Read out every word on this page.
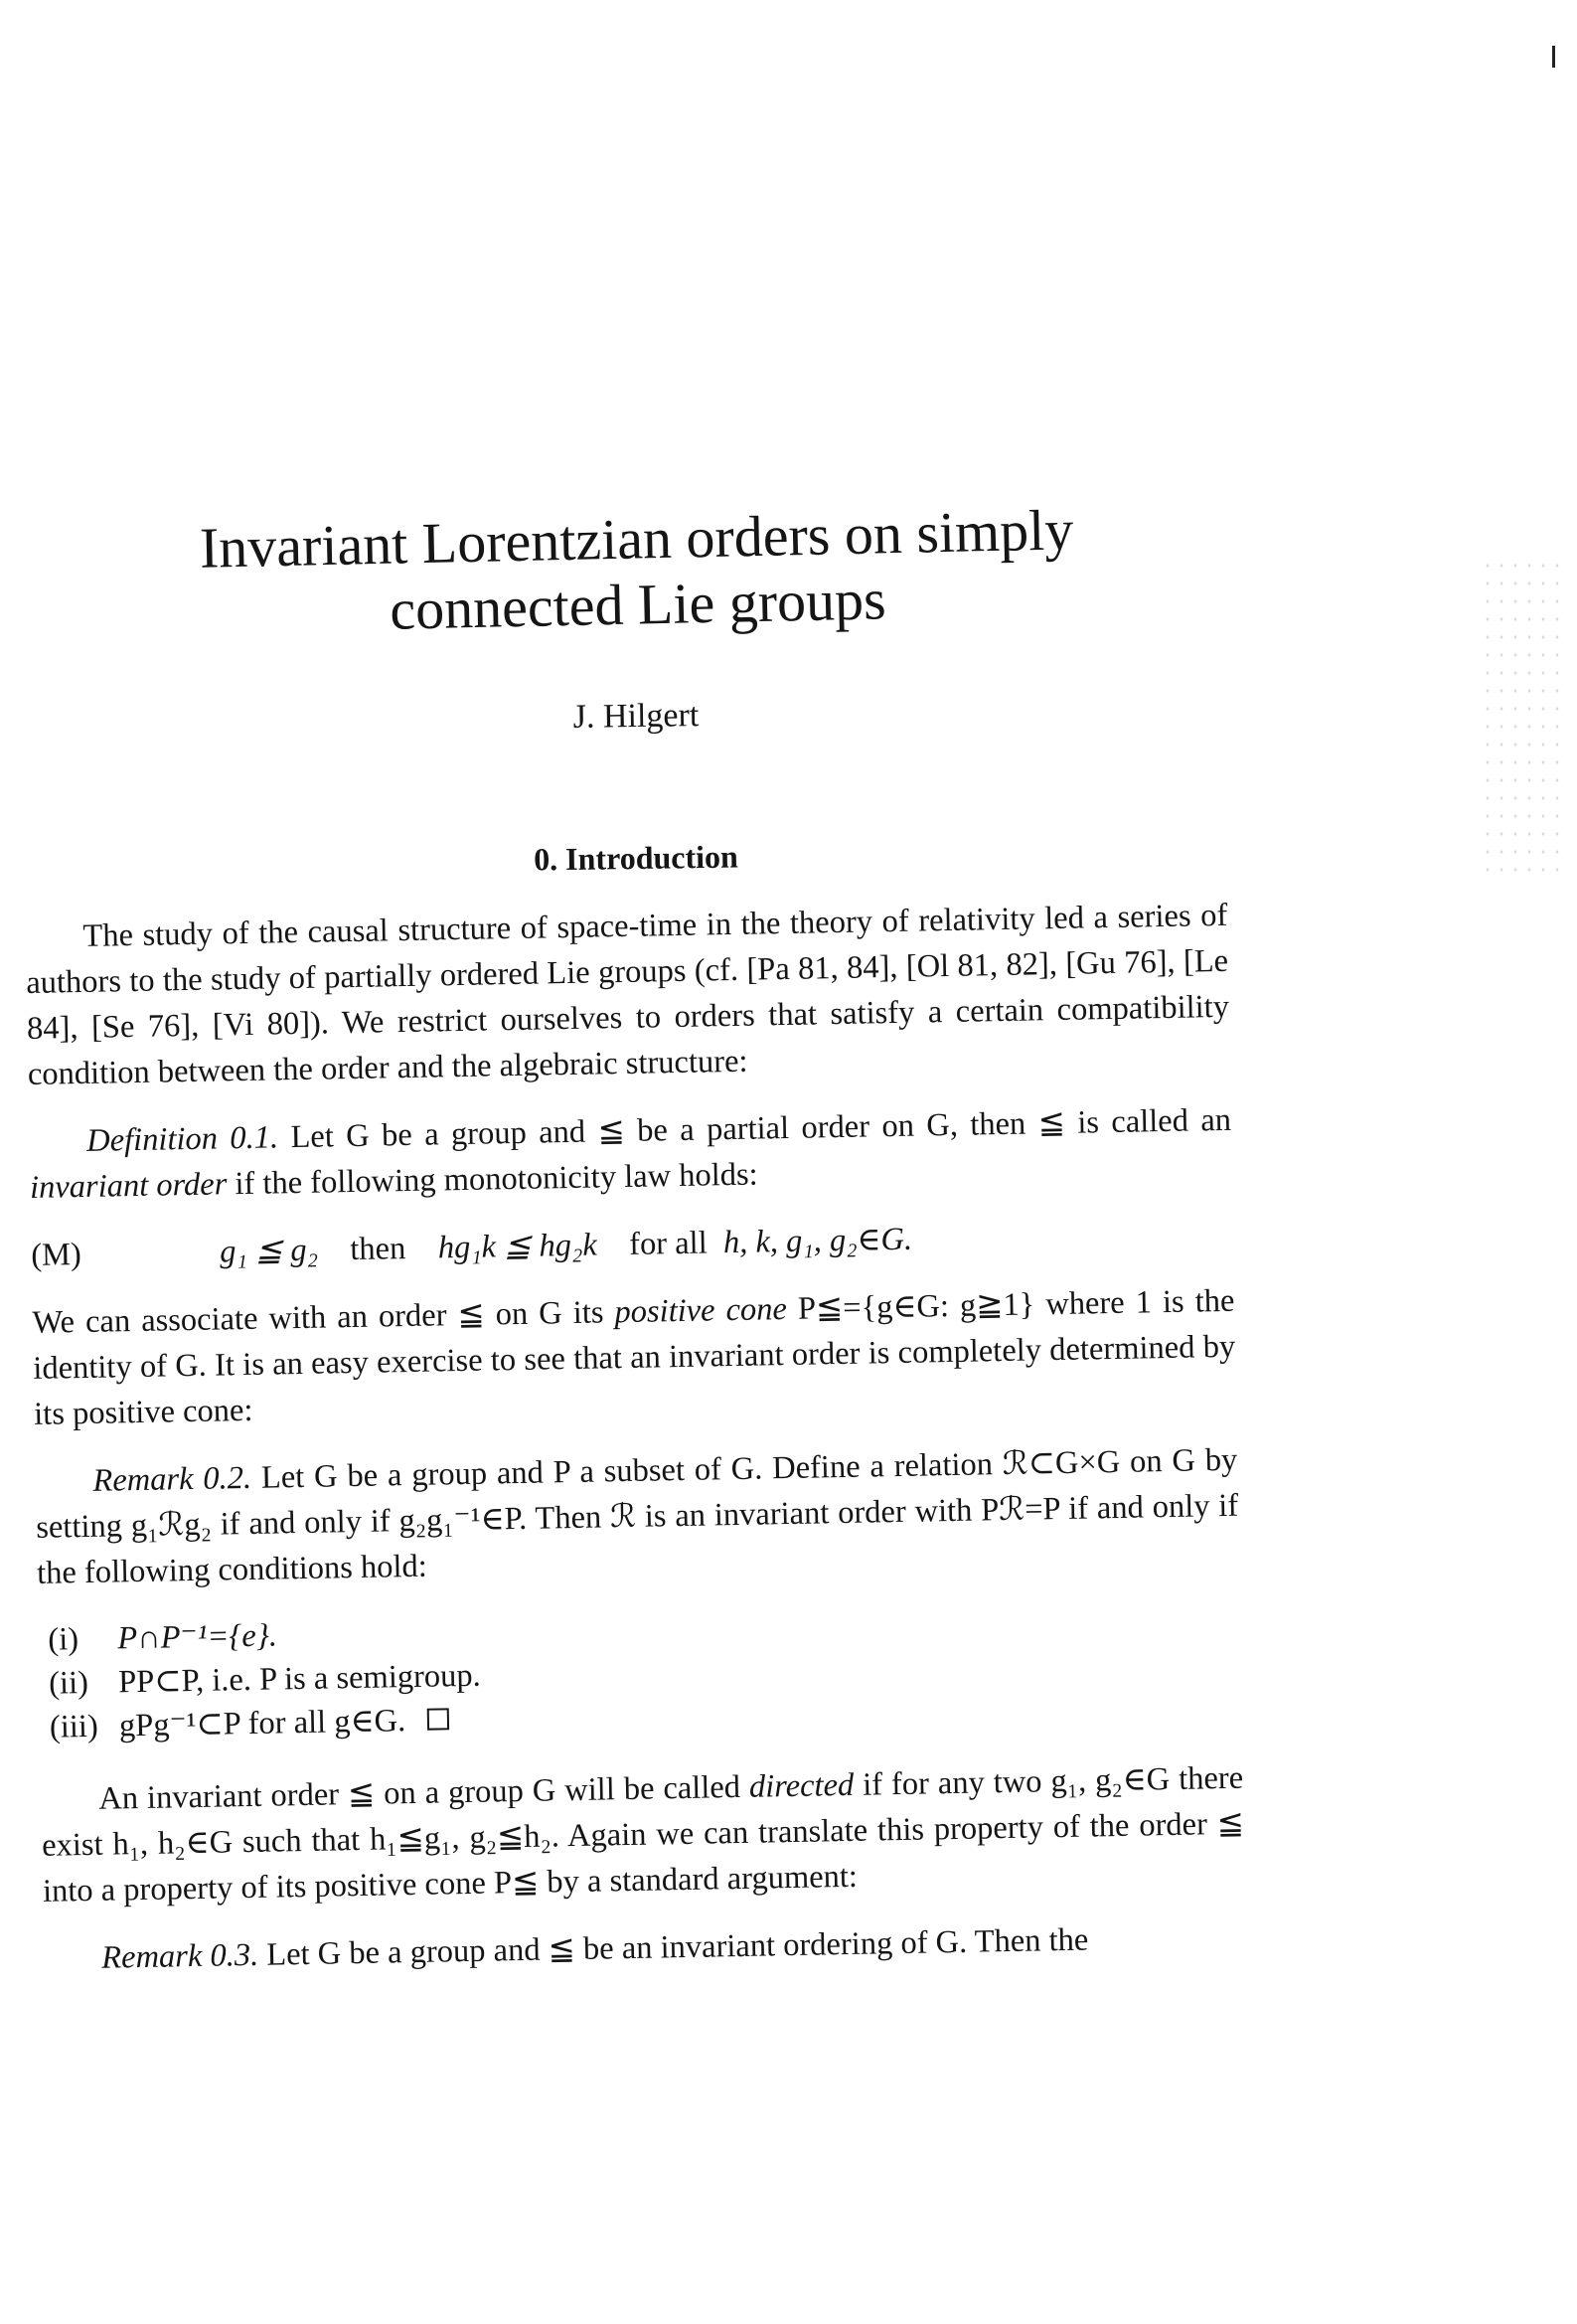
Invariant Lorentzian orders on simply
connected Lie groups
J. Hilgert
0. Introduction

The study of the causal structure of space-time in the theory of relativity led a series of authors to the study of partially ordered Lie groups (cf. [Pa 81, 84], [Ol 81, 82], [Gu 76], [Le 84], [Se 76], [Vi 80]). We restrict ourselves to orders that satisfy a certain compatibility condition between the order and the algebraic structure:

Definition 0.1. Let G be a group and ≦ be a partial order on G, then ≦ is called an invariant order if the following monotonicity law holds:

(M)	g₁ ≦ g₂ then hg₁k ≦ hg₂k for all h, k, g₁, g₂∈G.

We can associate with an order ≦ on G its positive cone P≦={g∈G: g≧1} where 1 is the identity of G. It is an easy exercise to see that an invariant order is completely determined by its positive cone:

Remark 0.2. Let G be a group and P a subset of G. Define a relation ℛ⊂G×G on G by setting g₁ℛg₂ if and only if g₂g₁⁻¹∈P. Then ℛ is an invariant order with Pℛ=P if and only if the following conditions hold:

(i)	P∩P⁻¹={e}.
(ii) PP⊂P, i.e. P is a semigroup.
(iii) gPg⁻¹⊂P for all g∈G.

An invariant order ≦ on a group G will be called directed if for any two g₁, g₂∈G there exist h₁, h₂∈G such that h₁≦g₁, g₂≦h₂. Again we can translate this property of the order ≦ into a property of its positive cone P≦ by a standard argument:

Remark 0.3. Let G be a group and ≦ be an invariant ordering of G. Then the
